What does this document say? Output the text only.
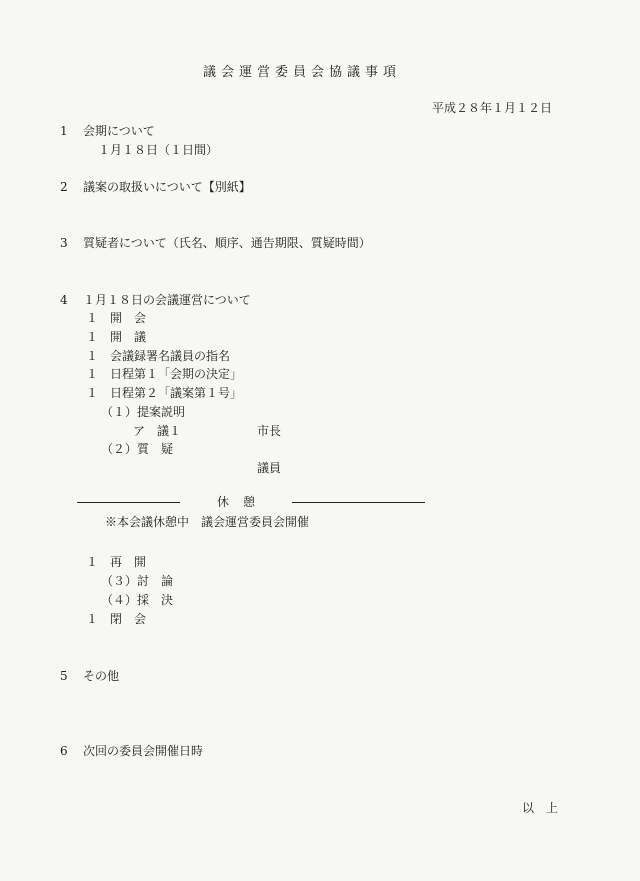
議会運営委員会協議事項
平成２８年１月１２日
1 会期について
１月１８日（１日間）
2 議案の取扱いについて【別紙】
3 質疑者について（氏名、順序、通告期限、質疑時間）
4 １月１８日の会議運営について
１　開　会
１　開　議
１　会議録署名議員の指名
１　日程第１「会期の決定」
１　日程第２「議案第１号」
（１）提案説明
ア　議１	市長
（２）質　疑
議員
休　憩
※本会議休憩中　議会運営委員会開催
１　再　開
（３）討　論
（４）採　決
１　閉　会
5 その他
6 次回の委員会開催日時
以　上
